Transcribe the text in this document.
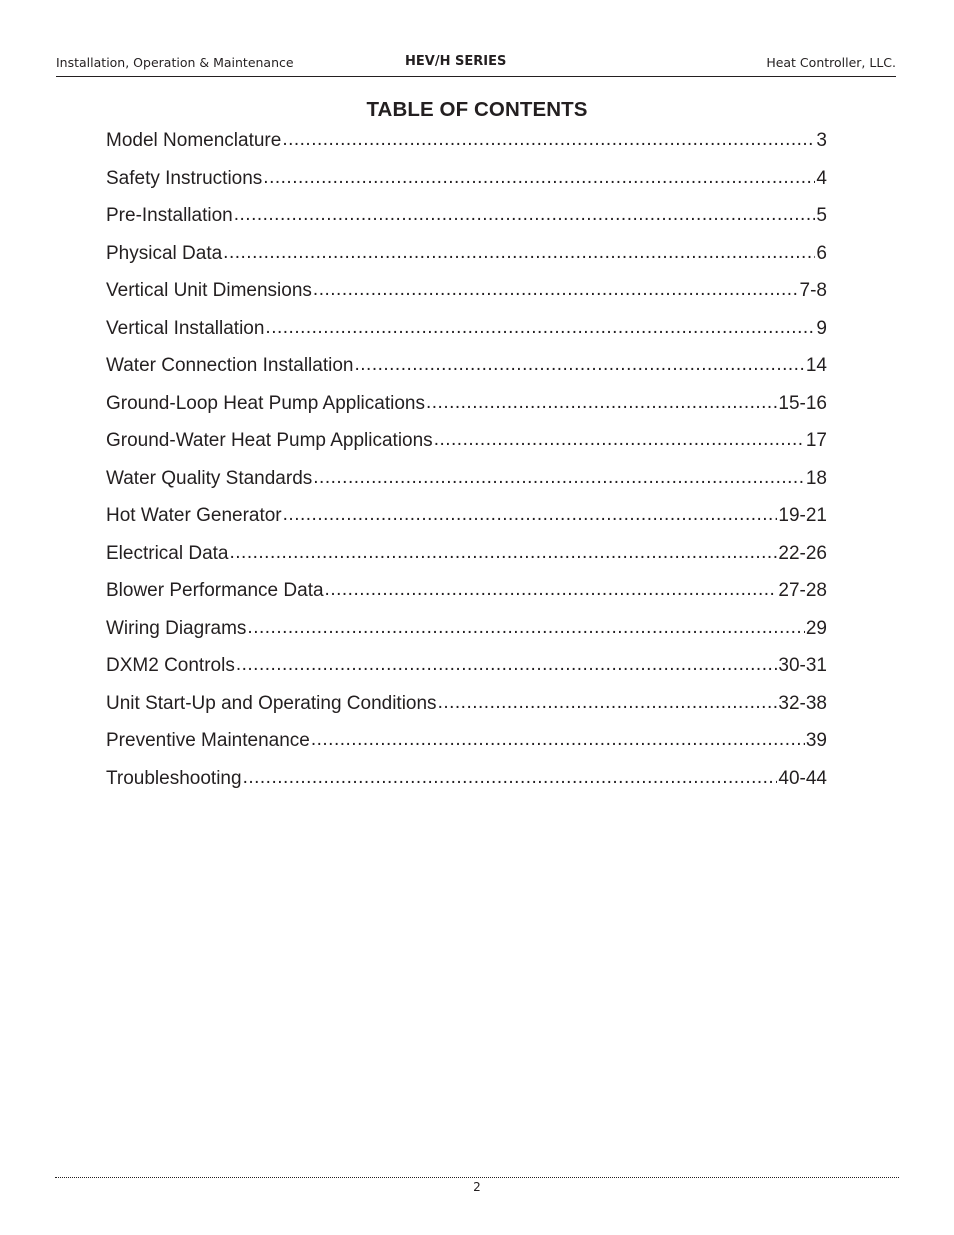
Installation, Operation & Maintenance	HEV/H SERIES	Heat Controller, LLC.
TABLE OF CONTENTS
Model Nomenclature .....	3
Safety Instructions .....	4
Pre-Installation .....	5
Physical Data .....	6
Vertical Unit Dimensions .....	7-8
Vertical Installation .....	9
Water Connection Installation .....	14
Ground-Loop Heat Pump Applications .....	15-16
Ground-Water Heat Pump Applications .....	17
Water Quality Standards .....	18
Hot Water Generator .....	19-21
Electrical Data .....	22-26
Blower Performance Data .....	27-28
Wiring Diagrams .....	29
DXM2 Controls .....	30-31
Unit Start-Up and Operating Conditions .....	32-38
Preventive Maintenance .....	39
Troubleshooting .....	40-44
2
